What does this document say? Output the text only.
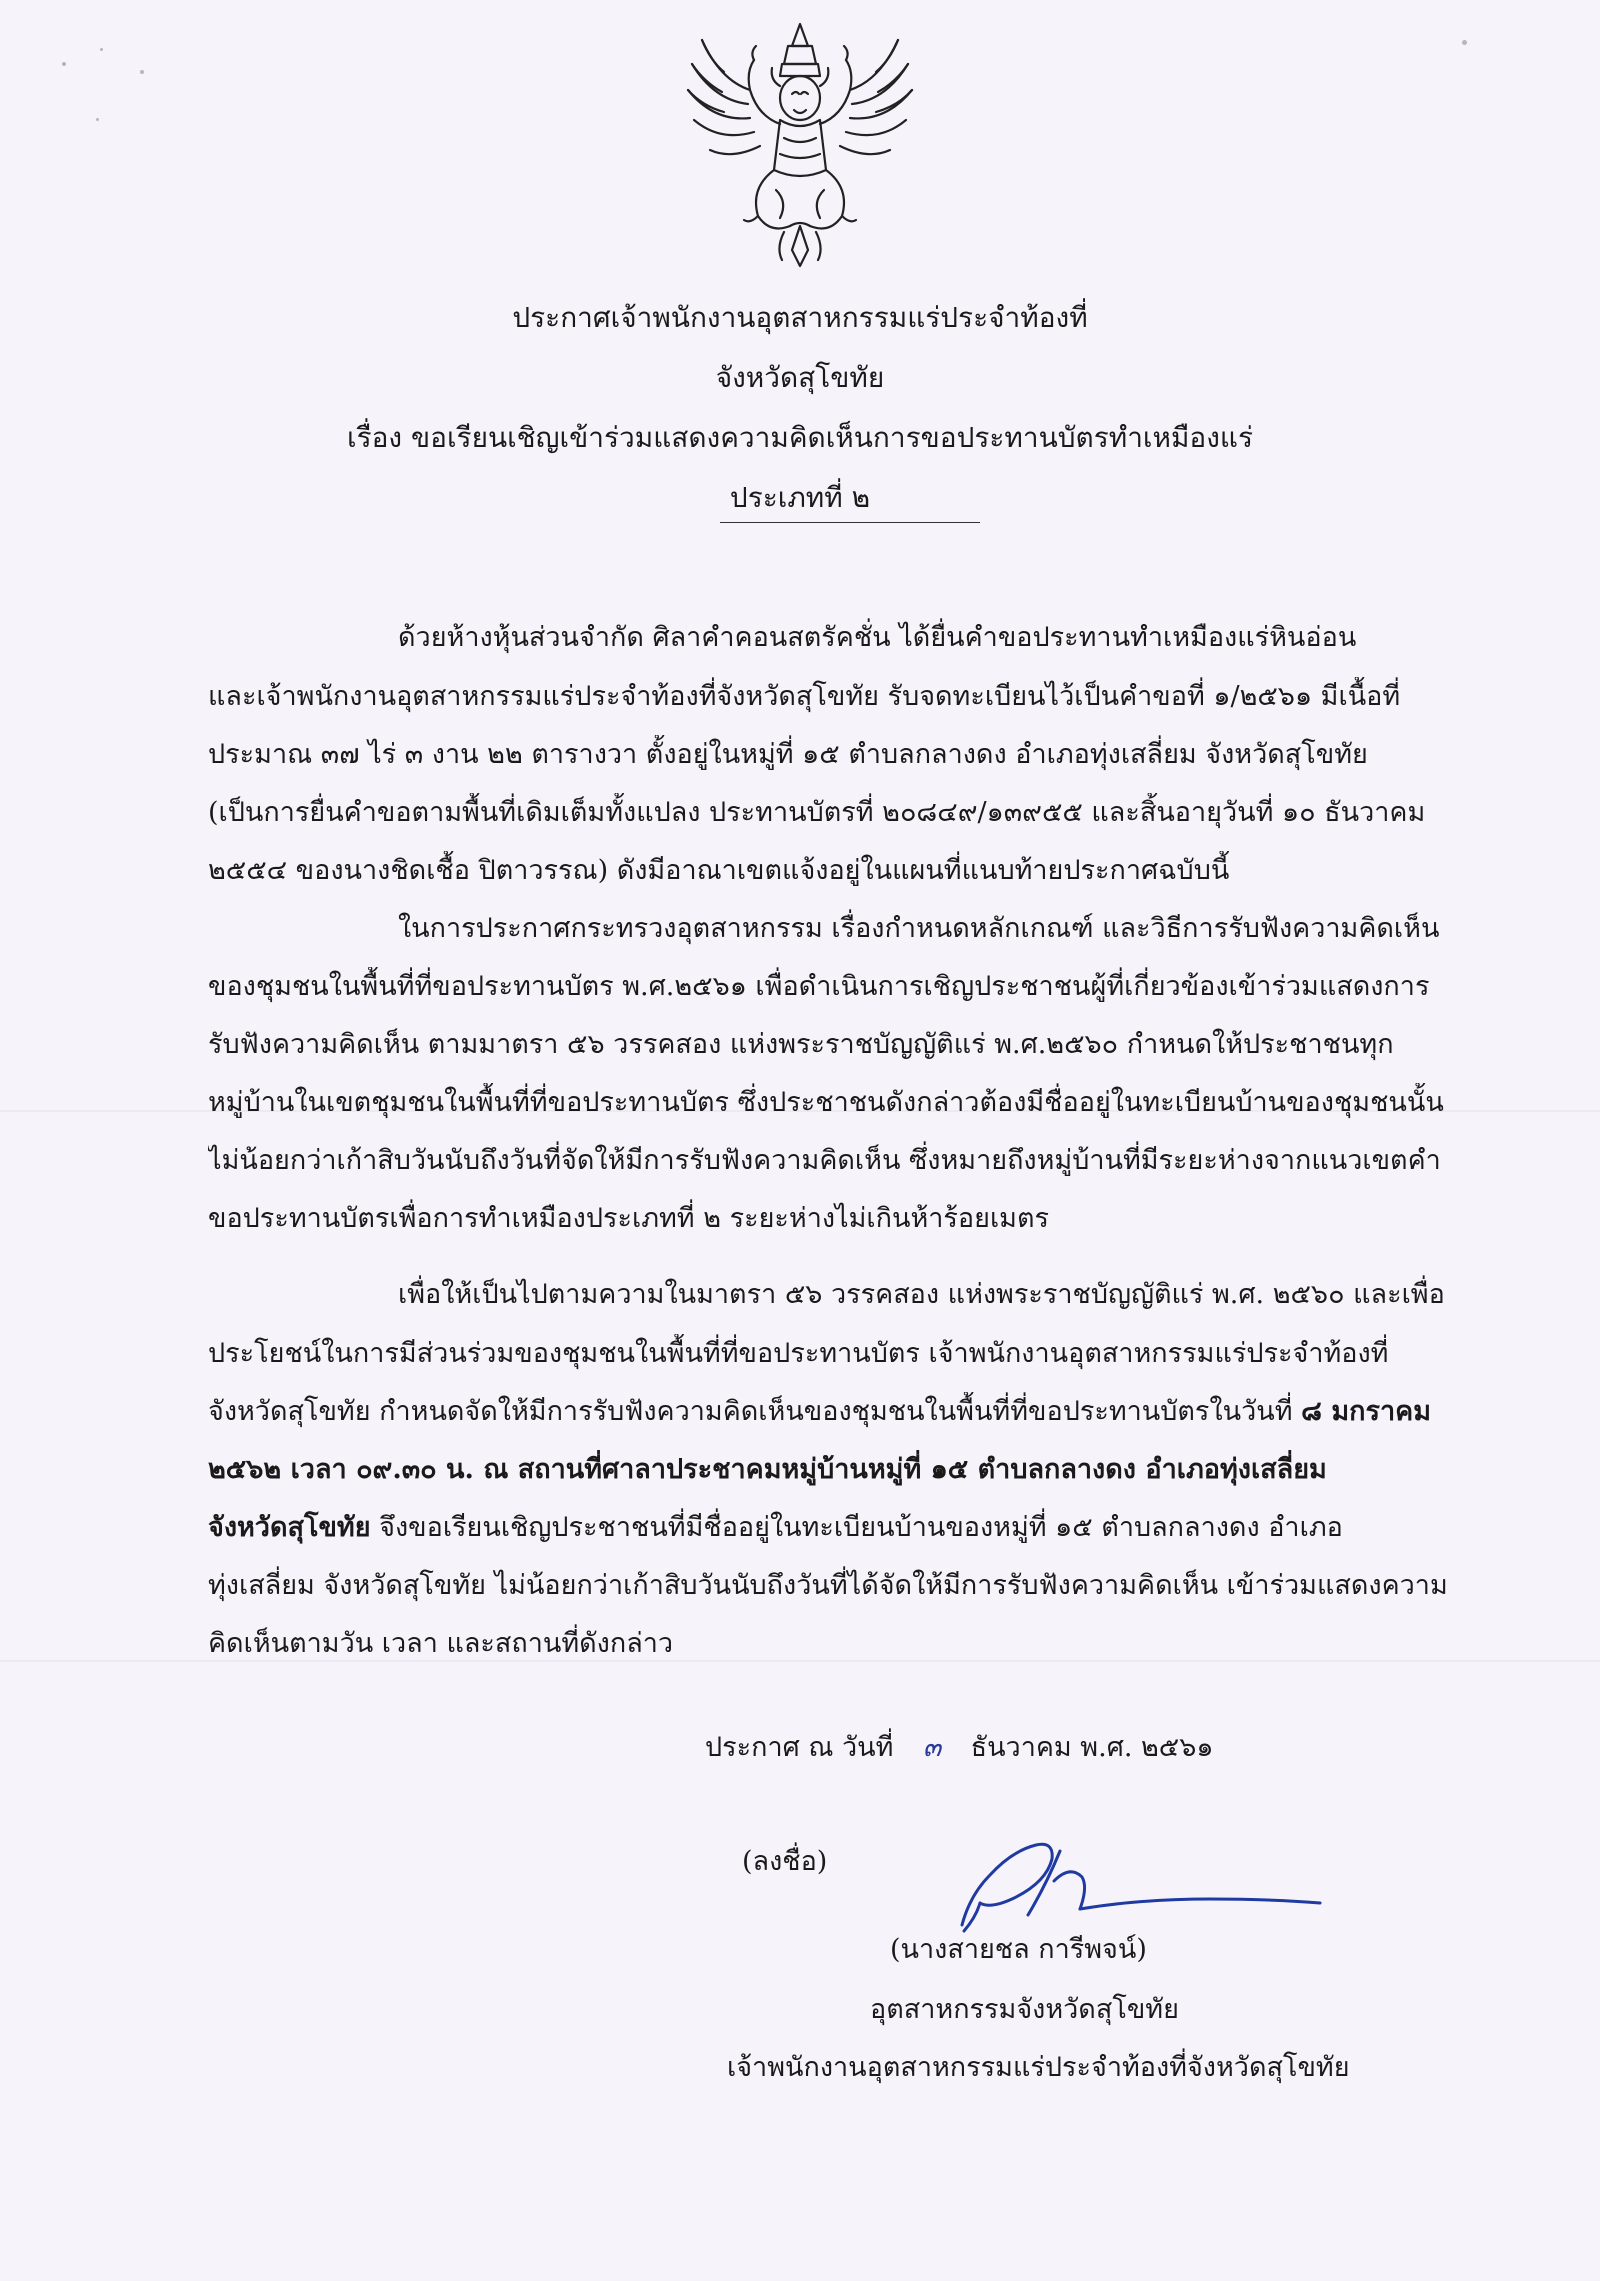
ประกาศเจ้าพนักงานอุตสาหกรรมแร่ประจำท้องที่
จังหวัดสุโขทัย
เรื่อง ขอเรียนเชิญเข้าร่วมแสดงความคิดเห็นการขอประทานบัตรทำเหมืองแร่
ประเภทที่ ๒
ด้วยห้างหุ้นส่วนจำกัด ศิลาคำคอนสตรัคชั่น ได้ยื่นคำขอประทานทำเหมืองแร่หินอ่อน
และเจ้าพนักงานอุตสาหกรรมแร่ประจำท้องที่จังหวัดสุโขทัย รับจดทะเบียนไว้เป็นคำขอที่ ๑/๒๕๖๑ มีเนื้อที่
ประมาณ ๓๗ ไร่ ๓ งาน ๒๒ ตารางวา ตั้งอยู่ในหมู่ที่ ๑๕ ตำบลกลางดง อำเภอทุ่งเสลี่ยม จังหวัดสุโขทัย
(เป็นการยื่นคำขอตามพื้นที่เดิมเต็มทั้งแปลง ประทานบัตรที่ ๒๐๘๔๙/๑๓๙๕๕ และสิ้นอายุวันที่ ๑๐ ธันวาคม
๒๕๕๔ ของนางชิดเชื้อ ปิตาวรรณ) ดังมีอาณาเขตแจ้งอยู่ในแผนที่แนบท้ายประกาศฉบับนี้
ในการประกาศกระทรวงอุตสาหกรรม เรื่องกำหนดหลักเกณฑ์ และวิธีการรับฟังความคิดเห็น
ของชุมชนในพื้นที่ที่ขอประทานบัตร พ.ศ.๒๕๖๑ เพื่อดำเนินการเชิญประชาชนผู้ที่เกี่ยวข้องเข้าร่วมแสดงการ
รับฟังความคิดเห็น ตามมาตรา ๕๖ วรรคสอง แห่งพระราชบัญญัติแร่ พ.ศ.๒๕๖๐ กำหนดให้ประชาชนทุก
หมู่บ้านในเขตชุมชนในพื้นที่ที่ขอประทานบัตร ซึ่งประชาชนดังกล่าวต้องมีชื่ออยู่ในทะเบียนบ้านของชุมชนนั้น
ไม่น้อยกว่าเก้าสิบวันนับถึงวันที่จัดให้มีการรับฟังความคิดเห็น ซึ่งหมายถึงหมู่บ้านที่มีระยะห่างจากแนวเขตคำ
ขอประทานบัตรเพื่อการทำเหมืองประเภทที่ ๒ ระยะห่างไม่เกินห้าร้อยเมตร
เพื่อให้เป็นไปตามความในมาตรา ๕๖ วรรคสอง แห่งพระราชบัญญัติแร่ พ.ศ. ๒๕๖๐ และเพื่อ
ประโยชน์ในการมีส่วนร่วมของชุมชนในพื้นที่ที่ขอประทานบัตร เจ้าพนักงานอุตสาหกรรมแร่ประจำท้องที่
จังหวัดสุโขทัย กำหนดจัดให้มีการรับฟังความคิดเห็นของชุมชนในพื้นที่ที่ขอประทานบัตรในวันที่ ๘ มกราคม
๒๕๖๒ เวลา ๐๙.๓๐ น. ณ สถานที่ศาลาประชาคมหมู่บ้านหมู่ที่ ๑๕ ตำบลกลางดง อำเภอทุ่งเสลี่ยม
จังหวัดสุโขทัย จึงขอเรียนเชิญประชาชนที่มีชื่ออยู่ในทะเบียนบ้านของหมู่ที่ ๑๕ ตำบลกลางดง อำเภอ
ทุ่งเสลี่ยม จังหวัดสุโขทัย ไม่น้อยกว่าเก้าสิบวันนับถึงวันที่ได้จัดให้มีการรับฟังความคิดเห็น เข้าร่วมแสดงความ
คิดเห็นตามวัน เวลา และสถานที่ดังกล่าว
ประกาศ ณ วันที่ ๓ ธันวาคม พ.ศ. ๒๕๖๑
(ลงชื่อ)
(นางสายชล การีพจน์)
อุตสาหกรรมจังหวัดสุโขทัย
เจ้าพนักงานอุตสาหกรรมแร่ประจำท้องที่จังหวัดสุโขทัย
